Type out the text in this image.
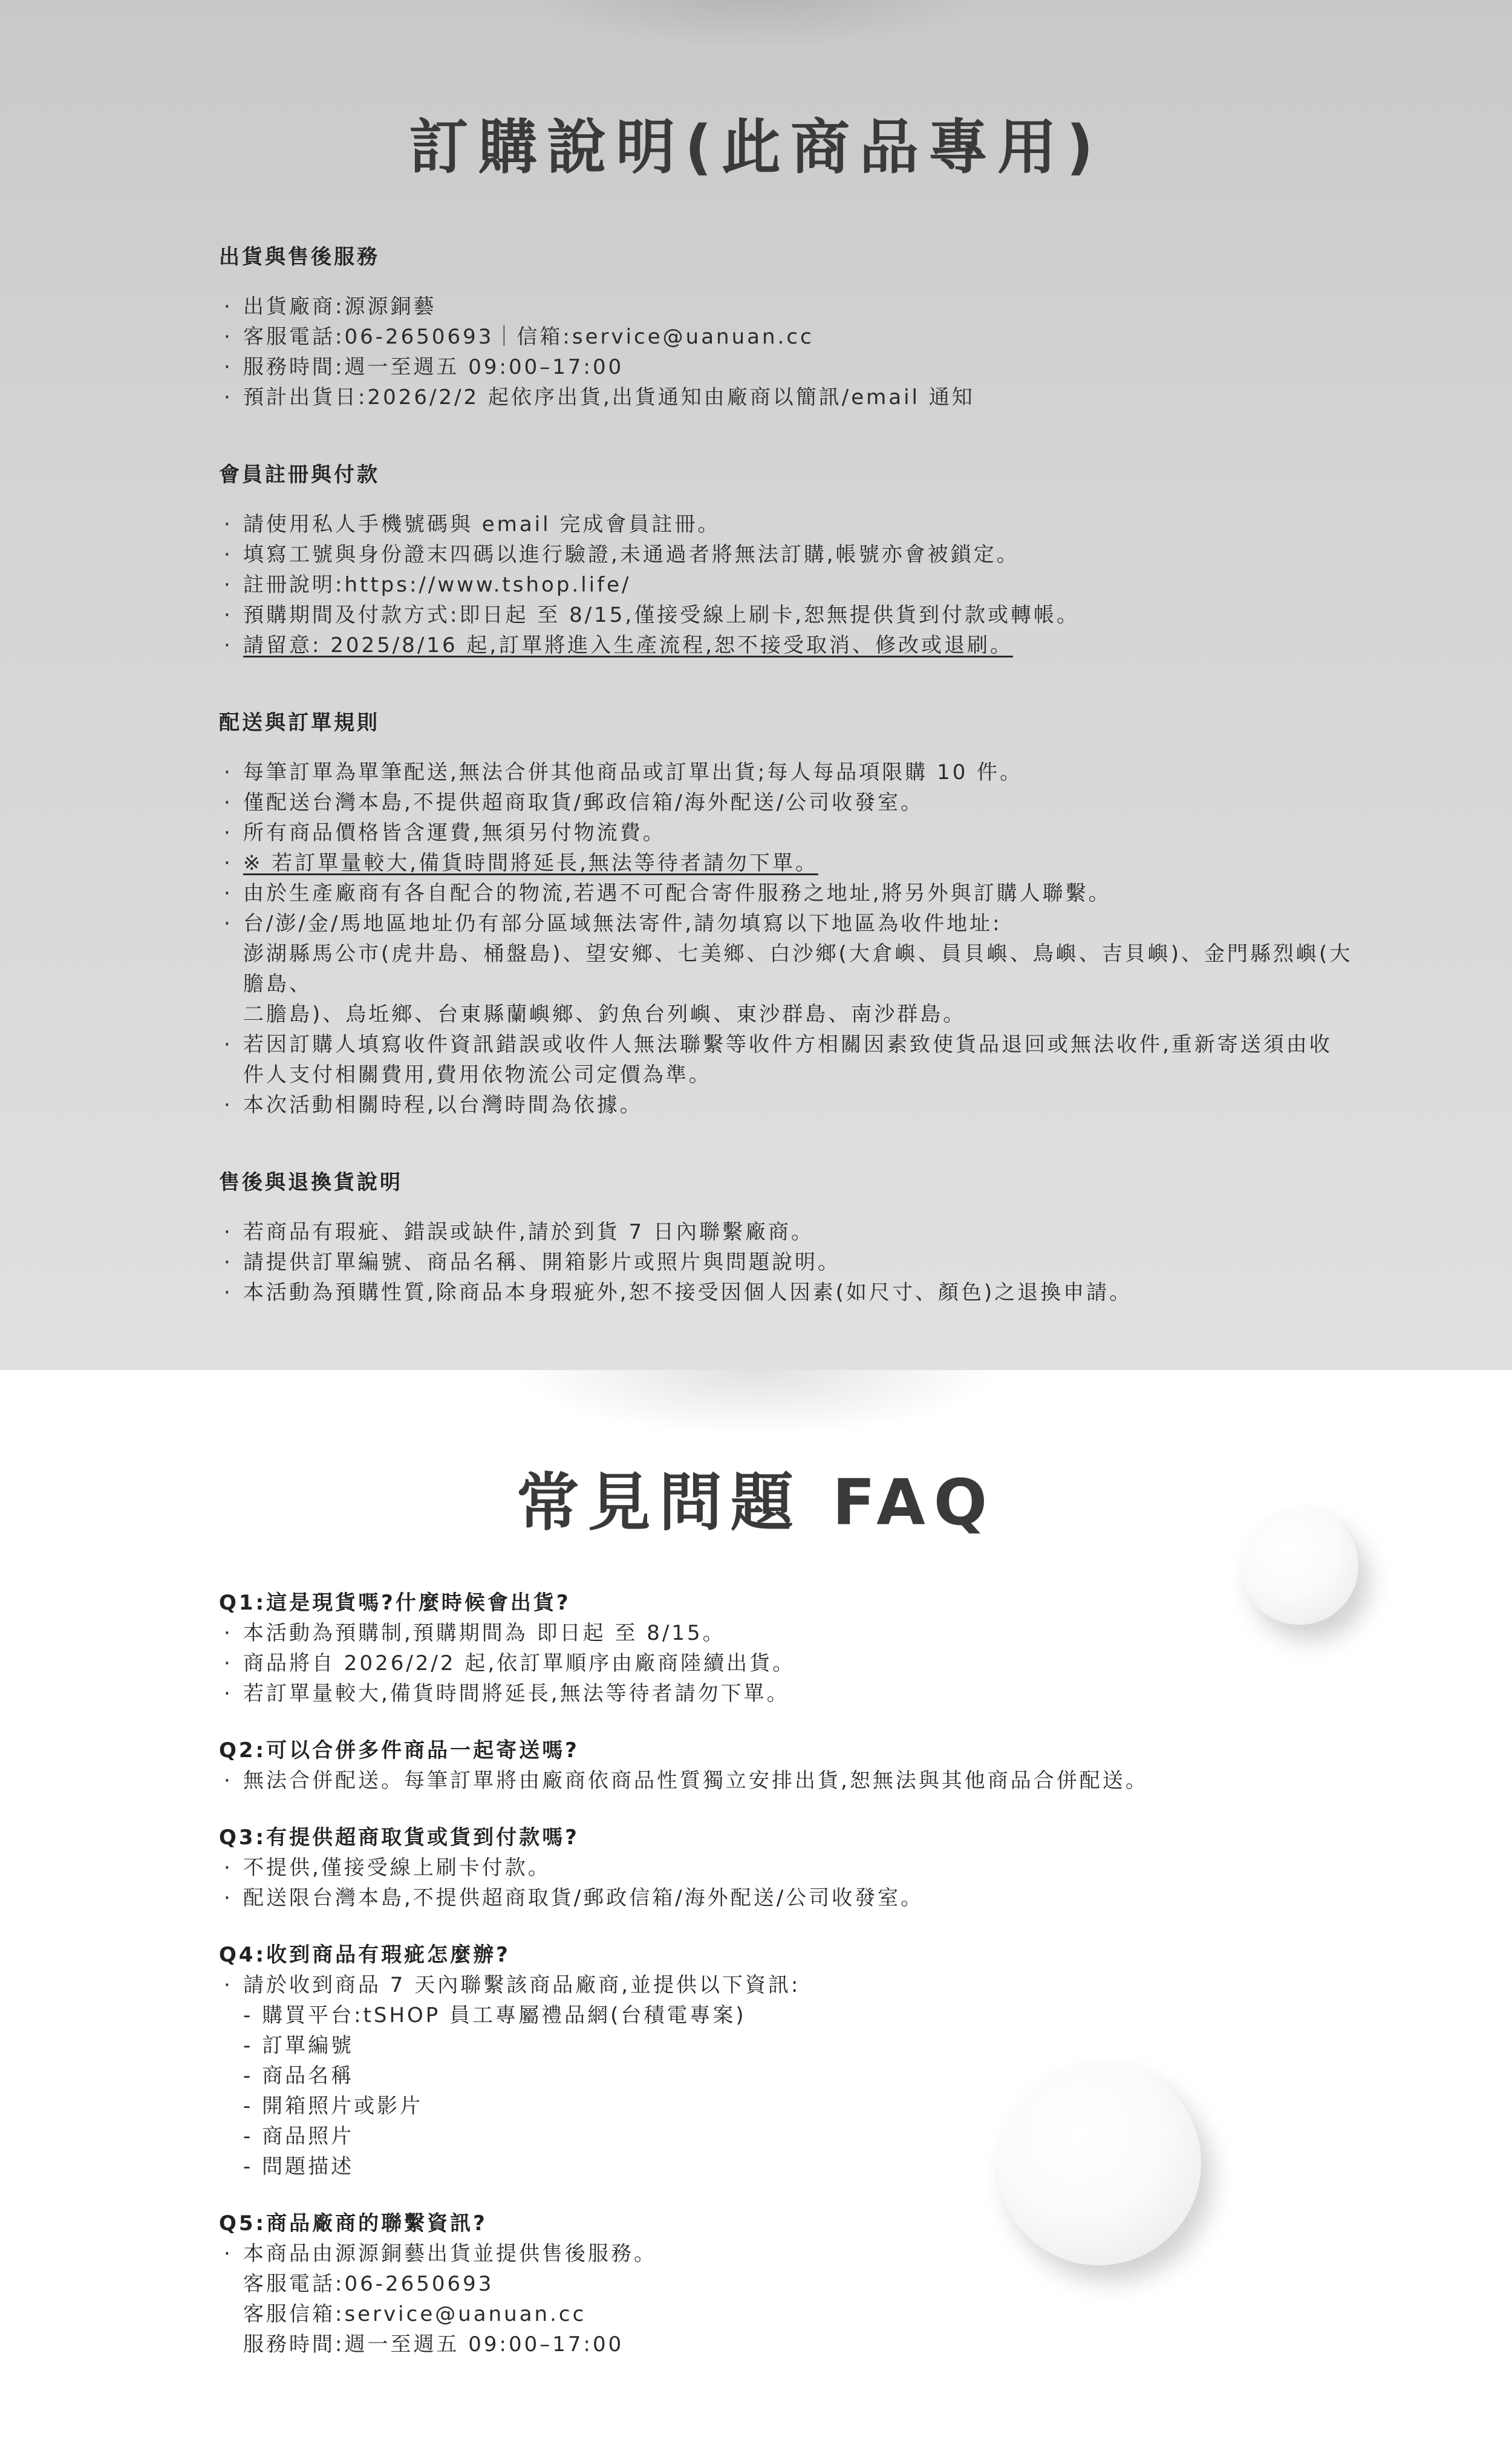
訂購說明(此商品專用)

出貨與售後服務

· 出貨廠商:源源銅藝

· 客服電話:06-2650693｜信箱:service@uanuan.cc

· 服務時間:週一至週五 09:00–17:00

· 預計出貨日:2026/2/2 起依序出貨,出貨通知由廠商以簡訊/email 通知

會員註冊與付款

· 請使用私人手機號碼與 email 完成會員註冊。

· 填寫工號與身份證末四碼以進行驗證,未通過者將無法訂購,帳號亦會被鎖定。

· 註冊說明:https://www.tshop.life/

· 預購期間及付款方式:即日起 至 8/15,僅接受線上刷卡,恕無提供貨到付款或轉帳。

· 請留意: 2025/8/16 起,訂單將進入生產流程,恕不接受取消、修改或退刷。

配送與訂單規則

· 每筆訂單為單筆配送,無法合併其他商品或訂單出貨;每人每品項限購 10 件。

· 僅配送台灣本島,不提供超商取貨/郵政信箱/海外配送/公司收發室。

· 所有商品價格皆含運費,無須另付物流費。

· ※ 若訂單量較大,備貨時間將延長,無法等待者請勿下單。

· 由於生產廠商有各自配合的物流,若遇不可配合寄件服務之地址,將另外與訂購人聯繫。

· 台/澎/金/馬地區地址仍有部分區域無法寄件,請勿填寫以下地區為收件地址:

澎湖縣馬公市(虎井島、桶盤島)、望安鄉、七美鄉、白沙鄉(大倉嶼、員貝嶼、鳥嶼、吉貝嶼)、金門縣烈嶼(大膽島、

二膽島)、烏坵鄉、台東縣蘭嶼鄉、釣魚台列嶼、東沙群島、南沙群島。

· 若因訂購人填寫收件資訊錯誤或收件人無法聯繫等收件方相關因素致使貨品退回或無法收件,重新寄送須由收

件人支付相關費用,費用依物流公司定價為準。

· 本次活動相關時程,以台灣時間為依據。

售後與退換貨說明

· 若商品有瑕疵、錯誤或缺件,請於到貨 7 日內聯繫廠商。

· 請提供訂單編號、商品名稱、開箱影片或照片與問題說明。

· 本活動為預購性質,除商品本身瑕疵外,恕不接受因個人因素(如尺寸、顏色)之退換申請。

常見問題 FAQ

Q1:這是現貨嗎?什麼時候會出貨?

· 本活動為預購制,預購期間為 即日起 至 8/15。

· 商品將自 2026/2/2 起,依訂單順序由廠商陸續出貨。

· 若訂單量較大,備貨時間將延長,無法等待者請勿下單。

Q2:可以合併多件商品一起寄送嗎?

· 無法合併配送。每筆訂單將由廠商依商品性質獨立安排出貨,恕無法與其他商品合併配送。

Q3:有提供超商取貨或貨到付款嗎?

· 不提供,僅接受線上刷卡付款。

· 配送限台灣本島,不提供超商取貨/郵政信箱/海外配送/公司收發室。

Q4:收到商品有瑕疵怎麼辦?

· 請於收到商品 7 天內聯繫該商品廠商,並提供以下資訊:

- 購買平台:tSHOP 員工專屬禮品網(台積電專案)

- 訂單編號

- 商品名稱

- 開箱照片或影片

- 商品照片

- 問題描述

Q5:商品廠商的聯繫資訊?

· 本商品由源源銅藝出貨並提供售後服務。

客服電話:06-2650693

客服信箱:service@uanuan.cc

服務時間:週一至週五 09:00–17:00
